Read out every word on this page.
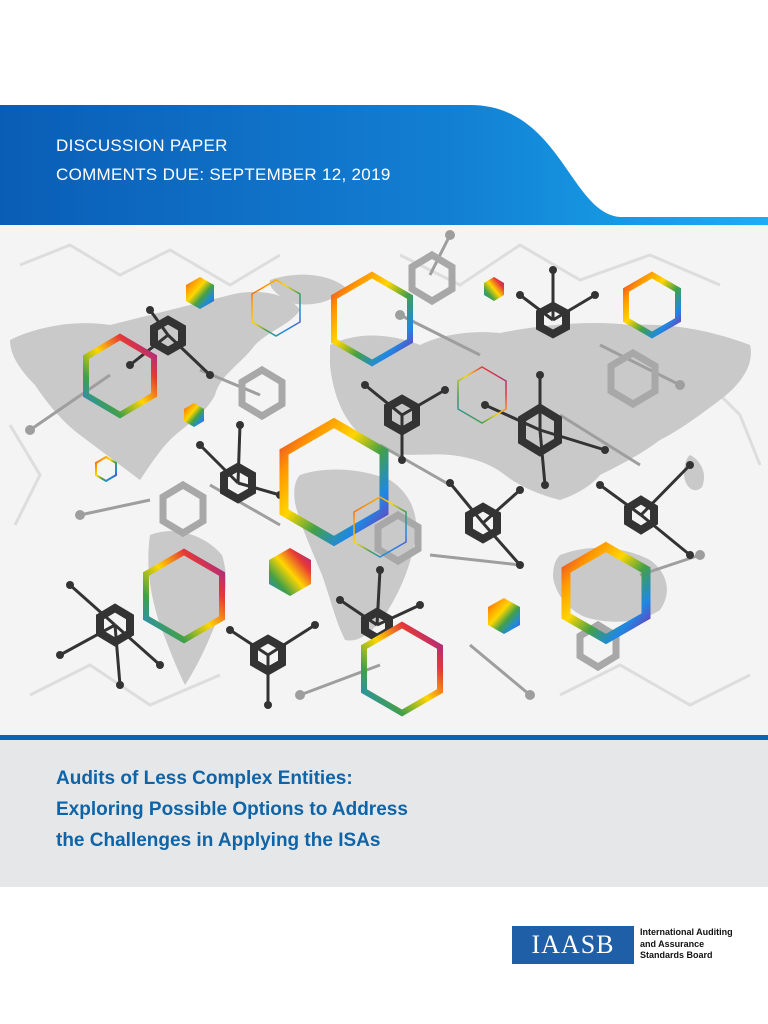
DISCUSSION PAPER

COMMENTS DUE: SEPTEMBER 12, 2019

Audits of Less Complex Entities:
Exploring Possible Options to Address
the Challenges in Applying the ISAs
IAASB	International Auditing
and Assurance
Standards Board
